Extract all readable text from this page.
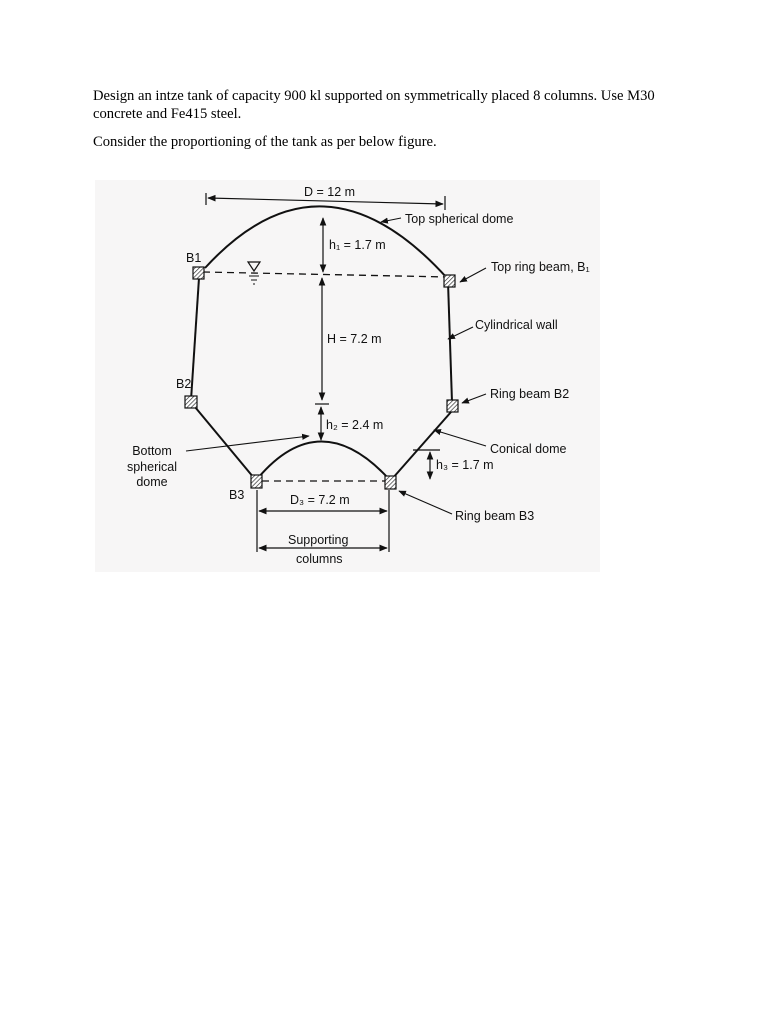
Design an intze tank of capacity 900 kl supported on symmetrically placed 8 columns. Use M30 concrete and Fe415 steel.

Consider the proportioning of the tank as per below figure.

D = 12 m
h₁ = 1.7 m
H = 7.2 m
h₂ = 2.4 m
h₃ = 1.7 m
D₃ = 7.2 m
Supporting
columns
B1
B2
B3
Top spherical dome
Top ring beam, B₁
Cylindrical wall
Ring beam B2
Conical dome
Ring beam B3
Bottom
spherical
dome
